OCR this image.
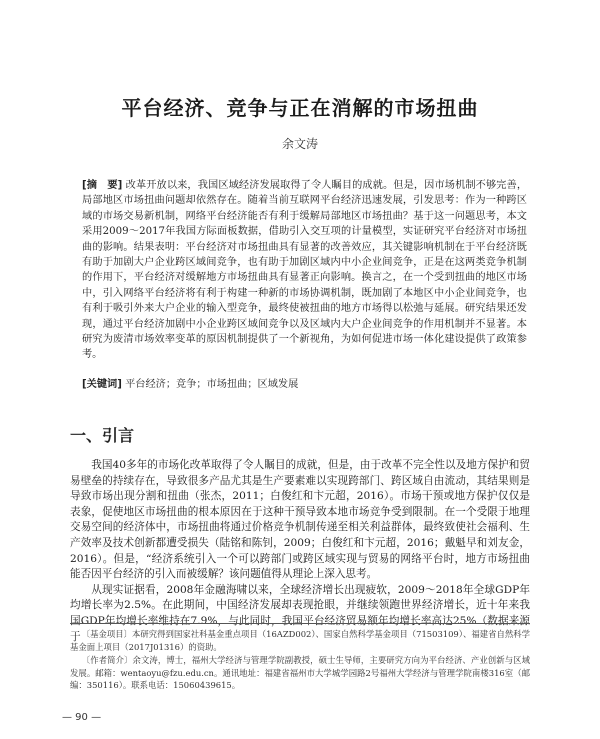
平台经济、竞争与正在消解的市场扭曲
余文涛
[摘　要] 改革开放以来，我国区域经济发展取得了令人瞩目的成就。但是，因市场机制不够完善，局部地区市场扭曲问题却依然存在。随着当前互联网平台经济迅速发展，引发思考：作为一种跨区域的市场交易新机制，网络平台经济能否有利于缓解局部地区市场扭曲？基于这一问题思考，本文采用2009～2017年我国方际面板数据，借助引入交互项的计量模型，实证研究平台经济对市场扭曲的影响。结果表明：平台经济对市场扭曲具有显著的改善效应，其关键影响机制在于平台经济既有助于加剧大户企业跨区域间竞争，也有助于加剧区域内中小企业间竞争，正是在这两类竞争机制的作用下，平台经济对缓解地方市场扭曲具有显著正向影响。换言之，在一个受到扭曲的地区市场中，引入网络平台经济将有利于构建一种新的市场协调机制，既加剧了本地区中小企业间竞争，也有利于吸引外来大户企业的输入型竞争，最终使被扭曲的地方市场得以松弛与延展。研究结果还发现，通过平台经济加剧中小企业跨区域间竞争以及区域内大户企业间竞争的作用机制并不显著。本研究为废清市场效率变革的原因机制提供了一个新视角，为如何促进市场一体化建设提供了政策参考。
[关键词] 平台经济；竞争；市场扭曲；区域发展
一、引言

我国40多年的市场化改革取得了令人瞩目的成就，但是，由于改革不完全性以及地方保护和贸易壁垒的持续存在，导致很多产品尤其是生产要素难以实现跨部门、跨区域自由流动，其结果则是导致市场出现分割和扭曲（张杰，2011；白俊红和卞元超，2016）。市场干预或地方保护仅仅是表象，促使地区市场扭曲的根本原因在于这种干预导致本地市场竞争受到限制。在一个受限于地理交易空间的经济体中，市场扭曲将通过价格竞争机制传递至相关利益群体，最终致使社会福利、生产效率及技术创新都遭受损失（陆铭和陈钊，2009；白俊红和卞元超，2016；戴魁早和刘友金，2016）。但是，“经济系统引入一个可以跨部门或跨区域实现与贸易的网络平台时，地方市场扭曲能否因平台经济的引入而被缓解？该问题值得从理论上深入思考。

从现实证据看，2008年金融海啸以来，全球经济增长出现疲软，2009～2018年全球GDP年均增长率为2.5%。在此期间，中国经济发展却表现抢眼，并继续领跑世界经济增长，近十年来我国GDP年均增长率维持在7.9%，与此同时，我国平台经济贸易额年均增长率高达25%（数据来源于 〔基金项目〕本研究得到国家社科基金重点项目（16AZD002）、国家自然科学基金项目（71503109）、福建省自然科学基金面上项目（2017J01316）的资助。

〔作者简介〕余文涛，博士，福州大学经济与管理学院副教授，硕士生导师，主要研究方向为平台经济、产业创新与区域发展。邮箱：wentaoyu@fzu.edu.cn。通讯地址：福建省福州市大学城学园路2号福州大学经济与管理学院南楼316室（邮编：350116）。联系电话：15060439615。

— 90 —
